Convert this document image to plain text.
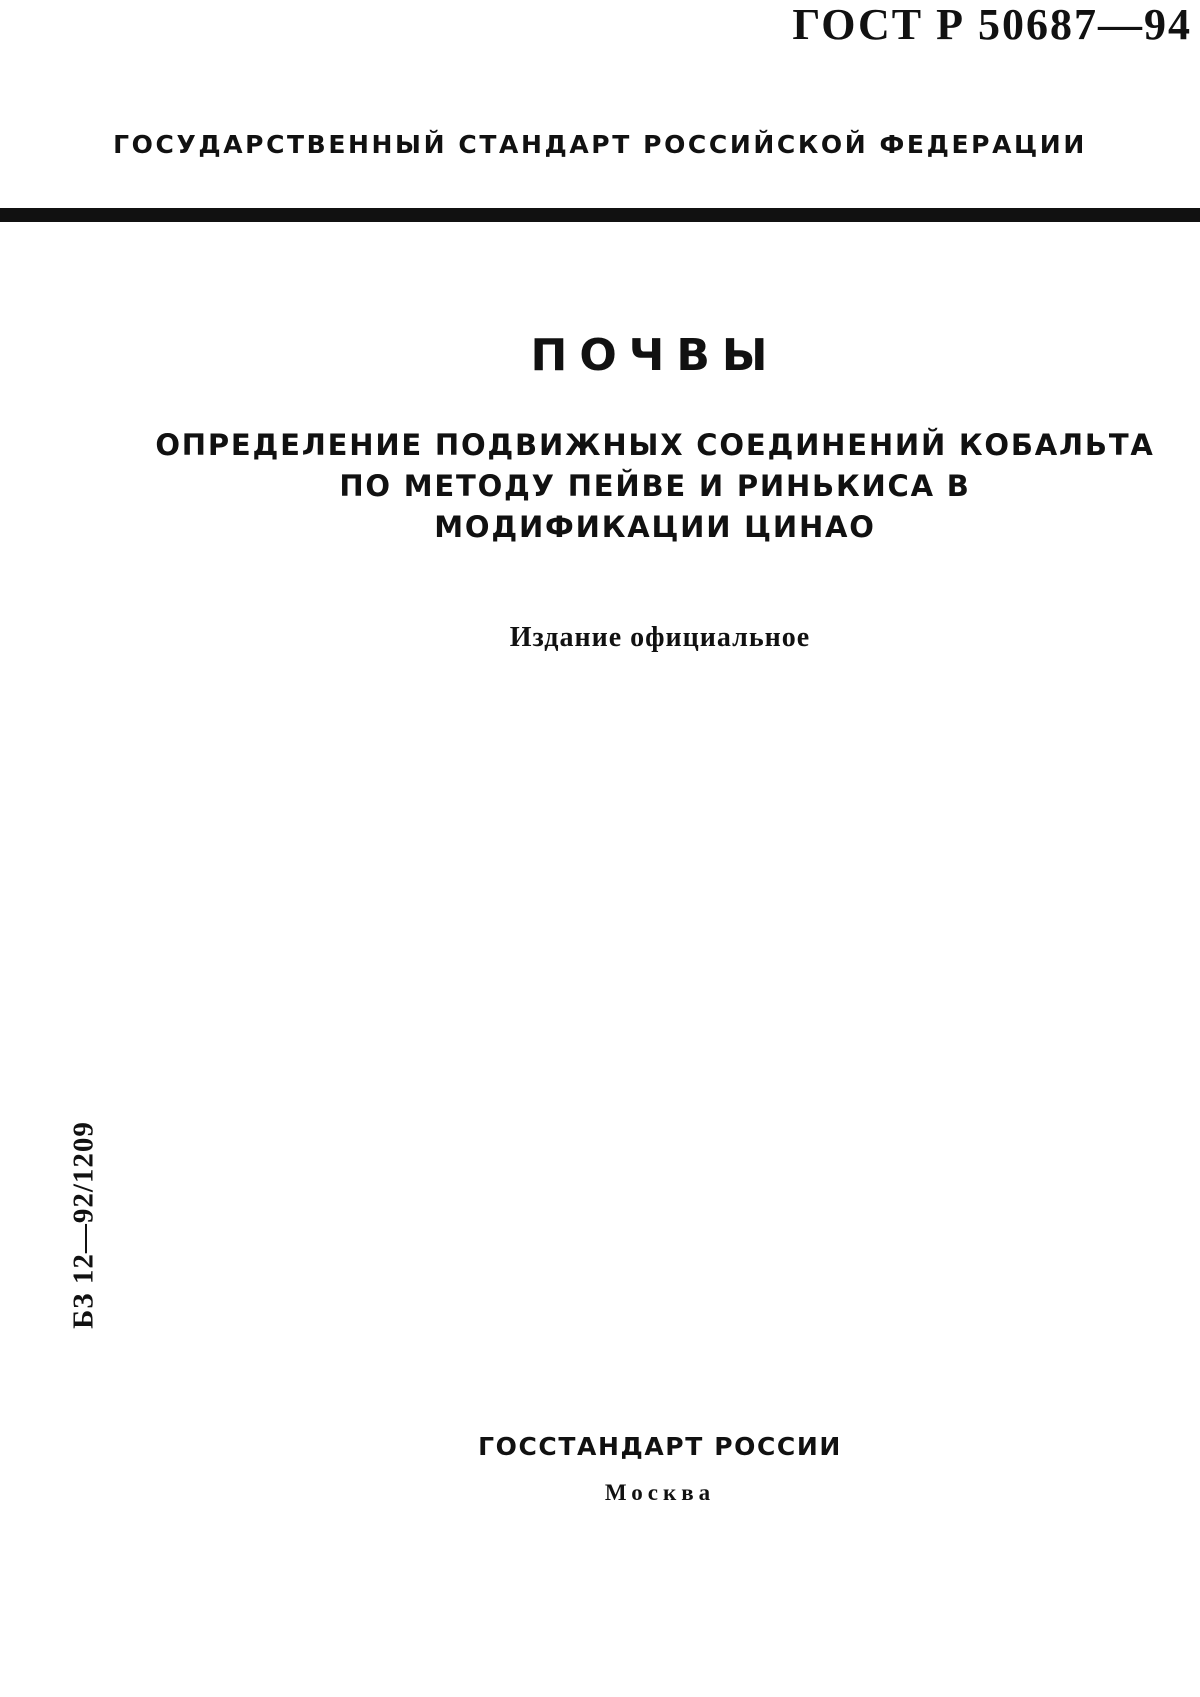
ГОСТ Р 50687—94
ГОСУДАРСТВЕННЫЙ СТАНДАРТ РОССИЙСКОЙ ФЕДЕРАЦИИ
ПОЧВЫ
ОПРЕДЕЛЕНИЕ ПОДВИЖНЫХ СОЕДИНЕНИЙ КОБАЛЬТА
ПО МЕТОДУ ПЕЙВЕ И РИНЬКИСА В
МОДИФИКАЦИИ ЦИНАО
Издание официальное
БЗ 12—92/1209
ГОССТАНДАРТ РОССИИ
Москва
